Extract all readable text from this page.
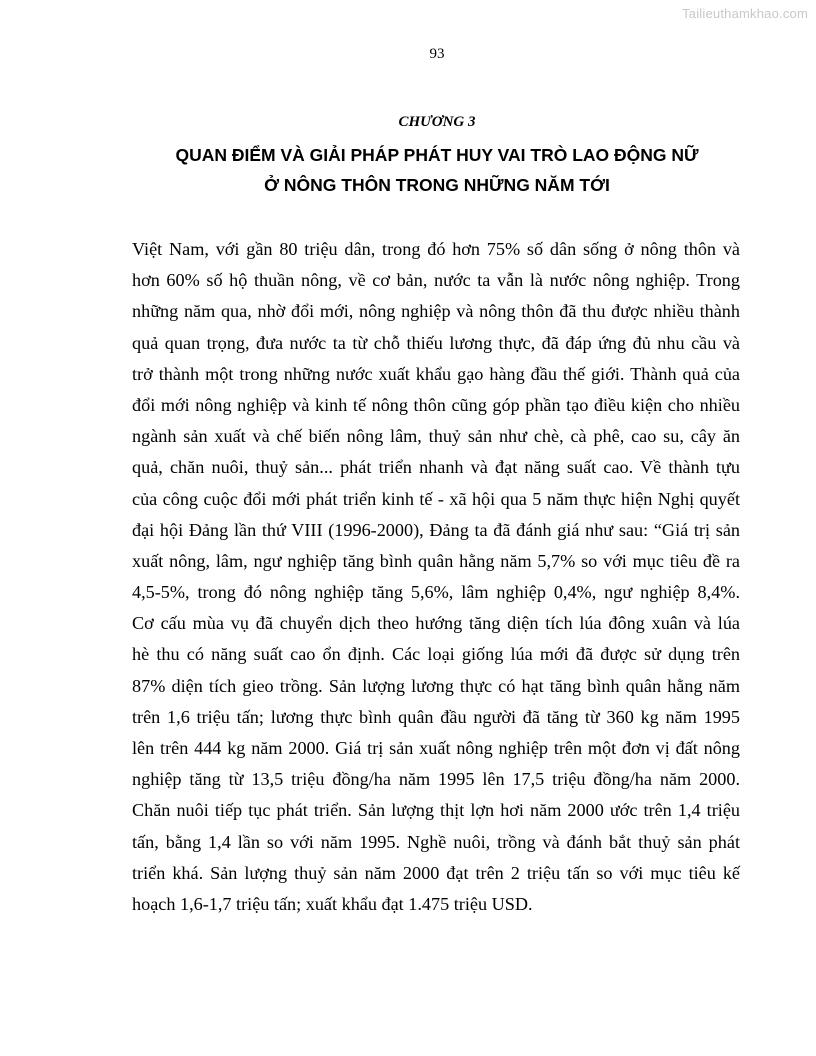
Tailieuthamkhao.com
93
CHƯƠNG 3
QUAN ĐIỂM VÀ GIẢI PHÁP PHÁT HUY VAI TRÒ LAO ĐỘNG NỮ
Ở NÔNG THÔN TRONG NHỮNG NĂM TỚI
Việt Nam, với gần 80 triệu dân, trong đó hơn 75% số dân sống ở nông thôn và
hơn 60% số hộ thuần nông, về cơ bản, nước ta vẫn là nước nông nghiệp. Trong
những năm qua, nhờ đổi mới, nông nghiệp và nông thôn đã thu được nhiều thành
quả quan trọng, đưa nước ta từ chỗ thiếu lương thực, đã đáp ứng đủ nhu cầu và
trở thành một trong những nước xuất khẩu gạo hàng đầu thế giới. Thành quả của
đổi mới nông nghiệp và kinh tế nông thôn cũng góp phần tạo điều kiện cho nhiều
ngành sản xuất và chế biến nông lâm, thuỷ sản như chè, cà phê, cao su, cây ăn
quả, chăn nuôi, thuỷ sản... phát triển nhanh và đạt năng suất cao. Về thành tựu
của công cuộc đổi mới phát triển kinh tế - xã hội qua 5 năm thực hiện Nghị quyết
đại hội Đảng lần thứ VIII (1996-2000), Đảng ta đã đánh giá như sau: “Giá trị sản
xuất nông, lâm, ngư nghiệp tăng bình quân hằng năm 5,7% so với mục tiêu đề ra
4,5-5%, trong đó nông nghiệp tăng 5,6%, lâm nghiệp 0,4%, ngư nghiệp 8,4%.
Cơ cấu mùa vụ đã chuyển dịch theo hướng tăng diện tích lúa đông xuân và lúa
hè thu có năng suất cao ổn định. Các loại giống lúa mới đã được sử dụng trên
87% diện tích gieo trồng. Sản lượng lương thực có hạt tăng bình quân hằng năm
trên 1,6 triệu tấn; lương thực bình quân đầu người đã tăng từ 360 kg năm 1995
lên trên 444 kg năm 2000. Giá trị sản xuất nông nghiệp trên một đơn vị đất nông
nghiệp tăng từ 13,5 triệu đồng/ha năm 1995 lên 17,5 triệu đồng/ha năm 2000.
Chăn nuôi tiếp tục phát triển. Sản lượng thịt lợn hơi năm 2000 ước trên 1,4 triệu
tấn, bằng 1,4 lần so với năm 1995. Nghề nuôi, trồng và đánh bắt thuỷ sản phát
triển khá. Sản lượng thuỷ sản năm 2000 đạt trên 2 triệu tấn so với mục tiêu kế
hoạch 1,6-1,7 triệu tấn; xuất khẩu đạt 1.475 triệu USD.
